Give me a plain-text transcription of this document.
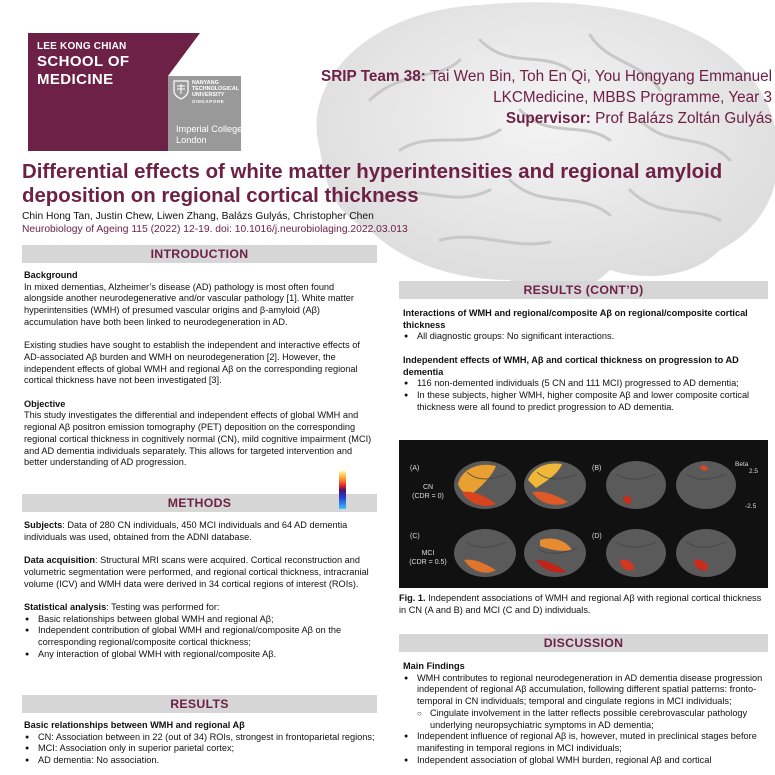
LEE KONG CHIAN
SCHOOL OF
MEDICINE	NANYANG
TECHNOLOGICAL
UNIVERSITY
SINGAPORE
Imperial College
London
SRIP Team 38: Tai Wen Bin, Toh En Qi, You Hongyang Emmanuel
LKCMedicine, MBBS Programme, Year 3
Supervisor: Prof Balázs Zoltán Gulyás
Differential effects of white matter hyperintensities and regional amyloid deposition on regional cortical thickness
Chin Hong Tan, Justin Chew, Liwen Zhang, Balázs Gulyás, Christopher Chen
Neurobiology of Ageing 115 (2022) 12-19. doi: 10.1016/j.neurobiolaging.2022.03.013
INTRODUCTION

Background

In mixed dementias, Alzheimer’s disease (AD) pathology is most often found alongside another neurodegenerative and/or vascular pathology [1]. White matter hyperintensities (WMH) of presumed vascular origins and β-amyloid (Aβ) accumulation have both been linked to neurodegeneration in AD.

Existing studies have sought to establish the independent and interactive effects of AD-associated Aβ burden and WMH on neurodegeneration [2]. However, the independent effects of global WMH and regional Aβ on the corresponding regional cortical thickness have not been investigated [3].

Objective

This study investigates the differential and independent effects of global WMH and regional Aβ positron emission tomography (PET) deposition on the corresponding regional cortical thickness in cognitively normal (CN), mild cognitive impairment (MCI) and AD dementia individuals separately. This allows for targeted intervention and better understanding of AD progression.

METHODS

Subjects: Data of 280 CN individuals, 450 MCI individuals and 64 AD dementia individuals was used, obtained from the ADNI database.

Data acquisition: Structural MRI scans were acquired. Cortical reconstruction and volumetric segmentation were performed, and regional cortical thickness, intracranial volume (ICV) and WMH data were derived in 34 cortical regions of interest (ROIs).

Statistical analysis: Testing was performed for:

● Basic relationships between global WMH and regional Aβ;
● Independent contribution of global WMH and regional/composite Aβ on the corresponding regional/composite cortical thickness;
● Any interaction of global WMH with regional/composite Aβ.
RESULTS

Basic relationships between WMH and regional Aβ

● CN: Association between in 22 (out of 34) ROIs, strongest in frontoparietal regions;
● MCI: Association only in superior parietal cortex;
● AD dementia: No association.
RESULTS (CONT’D)

Interactions of WMH and regional/composite Aβ on regional/composite cortical thickness

● All diagnostic groups: No significant interactions.

Independent effects of WMH, Aβ and cortical thickness on progression to AD dementia

● 116 non-demented individuals (5 CN and 111 MCI) progressed to AD dementia;
● In these subjects, higher WMH, higher composite Aβ and lower composite cortical thickness were all found to predict progression to AD dementia.
(A)	(B)
(C)	(D)
CN
(CDR = 0)
MCI
(CDR = 0.5)
Beta
2.5
-2.5
Fig. 1. Independent associations of WMH and regional Aβ with regional cortical thickness in CN (A and B) and MCI (C and D) individuals.
DISCUSSION

Main Findings

● WMH contributes to regional neurodegeneration in AD dementia disease progression independent of regional Aβ accumulation, following different spatial patterns: fronto-temporal in CN individuals; temporal and cingulate regions in MCI individuals;
○ Cingulate involvement in the latter reflects possible cerebrovascular pathology underlying neuropsychiatric symptoms in AD dementia;
● Independent influence of regional Aβ is, however, muted in preclinical stages before manifesting in temporal regions in MCI individuals;
● Independent association of global WMH burden, regional Aβ and cortical
